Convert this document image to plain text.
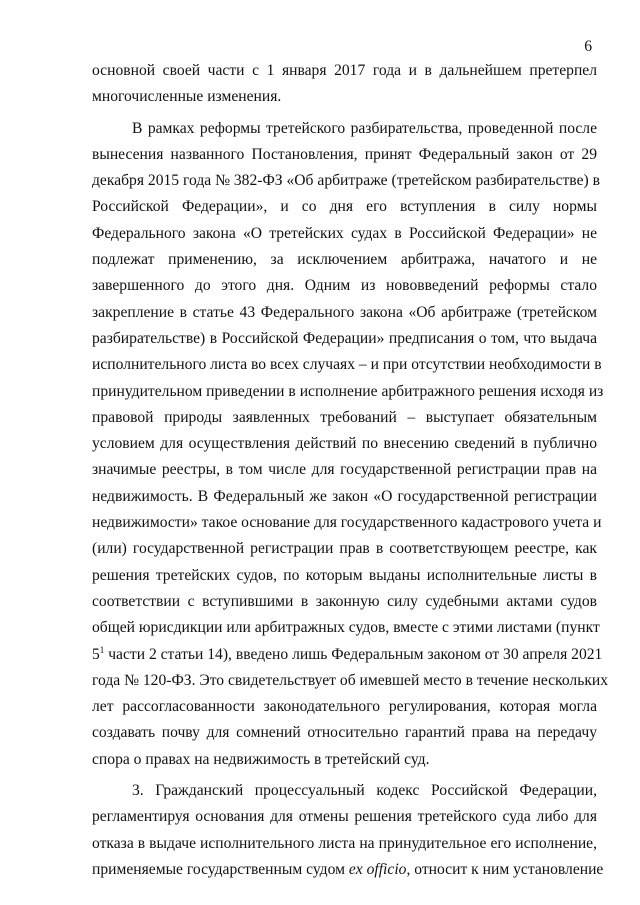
6
основной своей части с 1 января 2017 года и в дальнейшем претерпел
многочисленные изменения.
В рамках реформы третейского разбирательства, проведенной после
вынесения названного Постановления, принят Федеральный закон от 29
декабря 2015 года № 382-ФЗ «Об арбитраже (третейском разбирательстве) в
Российской Федерации», и со дня его вступления в силу нормы
Федерального закона «О третейских судах в Российской Федерации» не
подлежат применению, за исключением арбитража, начатого и не
завершенного до этого дня. Одним из нововведений реформы стало
закрепление в статье 43 Федерального закона «Об арбитраже (третейском
разбирательстве) в Российской Федерации» предписания о том, что выдача
исполнительного листа во всех случаях – и при отсутствии необходимости в
принудительном приведении в исполнение арбитражного решения исходя из
правовой природы заявленных требований – выступает обязательным
условием для осуществления действий по внесению сведений в публично
значимые реестры, в том числе для государственной регистрации прав на
недвижимость. В Федеральный же закон «О государственной регистрации
недвижимости» такое основание для государственного кадастрового учета и
(или) государственной регистрации прав в соответствующем реестре, как
решения третейских судов, по которым выданы исполнительные листы в
соответствии с вступившими в законную силу судебными актами судов
общей юрисдикции или арбитражных судов, вместе с этими листами (пункт
$5^1$ части 2 статьи 14), введено лишь Федеральным законом от 30 апреля 2021
года № 120-ФЗ. Это свидетельствует об имевшей место в течение нескольких
лет рассогласованности законодательного регулирования, которая могла
создавать почву для сомнений относительно гарантий права на передачу
спора о правах на недвижимость в третейский суд.
3. Гражданский процессуальный кодекс Российской Федерации,
регламентируя основания для отмены решения третейского суда либо для
отказа в выдаче исполнительного листа на принудительное его исполнение,
применяемые государственным судом ex officio, относит к ним установление
